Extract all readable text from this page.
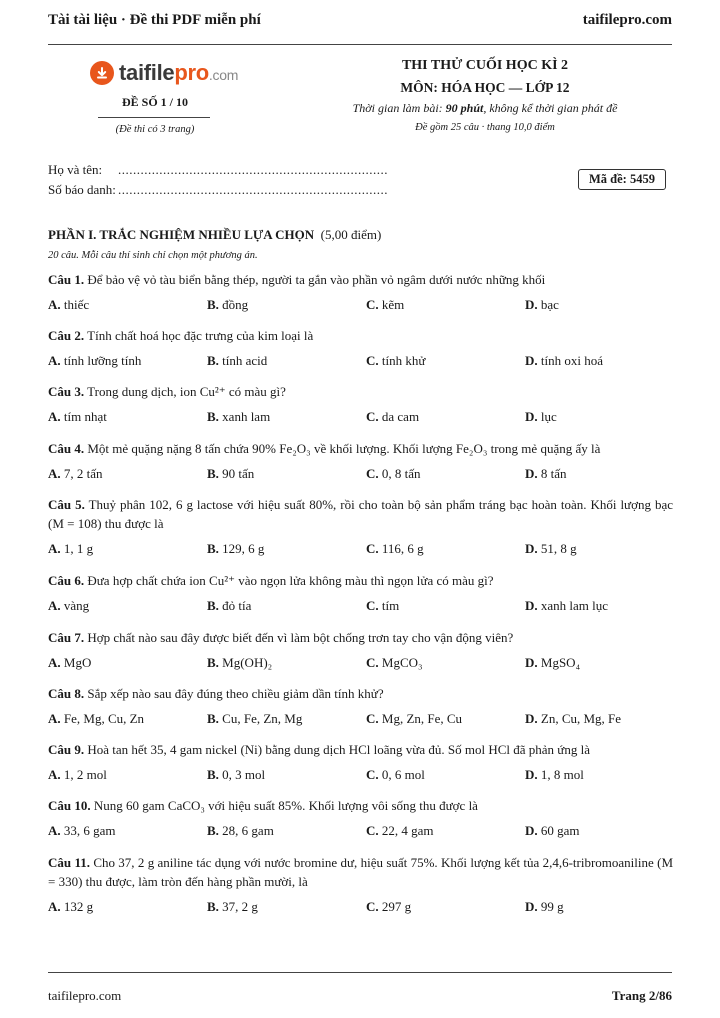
Tài tài liệu · Đề thi PDF miễn phí	taifilepro.com
taifilepro.com
ĐỀ SỐ 1 / 10
(Đề thi có 3 trang)
THI THỬ CUỐI HỌC KÌ 2
MÔN: HÓA HỌC — LỚP 12
Thời gian làm bài: 90 phút, không kể thời gian phát đề
Đề gồm 25 câu · thang 10,0 điểm
Họ và tên: ........................................................................
Số báo danh: ........................................................................
Mã đề: 5459
PHẦN I. TRẮC NGHIỆM NHIỀU LỰA CHỌN (5,00 điểm)
20 câu. Mỗi câu thí sinh chỉ chọn một phương án.
Câu 1. Để bảo vệ vỏ tàu biển bằng thép, người ta gắn vào phần vỏ ngâm dưới nước những khối
A. thiếc	B. đồng	C. kẽm	D. bạc
Câu 2. Tính chất hoá học đặc trưng của kim loại là
A. tính lưỡng tính	B. tính acid	C. tính khử	D. tính oxi hoá
Câu 3. Trong dung dịch, ion Cu²⁺ có màu gì?
A. tím nhạt	B. xanh lam	C. da cam	D. lục
Câu 4. Một mẻ quặng nặng 8 tấn chứa 90% Fe₂O₃ về khối lượng. Khối lượng Fe₂O₃ trong mẻ quặng ấy là
A. 7, 2 tấn	B. 90 tấn	C. 0, 8 tấn	D. 8 tấn
Câu 5. Thuỷ phân 102, 6 g lactose với hiệu suất 80%, rồi cho toàn bộ sản phẩm tráng bạc hoàn toàn. Khối lượng bạc (M = 108) thu được là
A. 1, 1 g	B. 129, 6 g	C. 116, 6 g	D. 51, 8 g
Câu 6. Đưa hợp chất chứa ion Cu²⁺ vào ngọn lửa không màu thì ngọn lửa có màu gì?
A. vàng	B. đỏ tía	C. tím	D. xanh lam lục
Câu 7. Hợp chất nào sau đây được biết đến vì làm bột chống trơn tay cho vận động viên?
A. MgO	B. Mg(OH)₂	C. MgCO₃	D. MgSO₄
Câu 8. Sắp xếp nào sau đây đúng theo chiều giảm dần tính khử?
A. Fe, Mg, Cu, Zn	B. Cu, Fe, Zn, Mg	C. Mg, Zn, Fe, Cu	D. Zn, Cu, Mg, Fe
Câu 9. Hoà tan hết 35, 4 gam nickel (Ni) bằng dung dịch HCl loãng vừa đủ. Số mol HCl đã phản ứng là
A. 1, 2 mol	B. 0, 3 mol	C. 0, 6 mol	D. 1, 8 mol
Câu 10. Nung 60 gam CaCO₃ với hiệu suất 85%. Khối lượng vôi sống thu được là
A. 33, 6 gam	B. 28, 6 gam	C. 22, 4 gam	D. 60 gam
Câu 11. Cho 37, 2 g aniline tác dụng với nước bromine dư, hiệu suất 75%. Khối lượng kết tủa 2,4,6-tribromoaniline (M = 330) thu được, làm tròn đến hàng phần mười, là
A. 132 g	B. 37, 2 g	C. 297 g	D. 99 g
taifilepro.com	Trang 2/86
